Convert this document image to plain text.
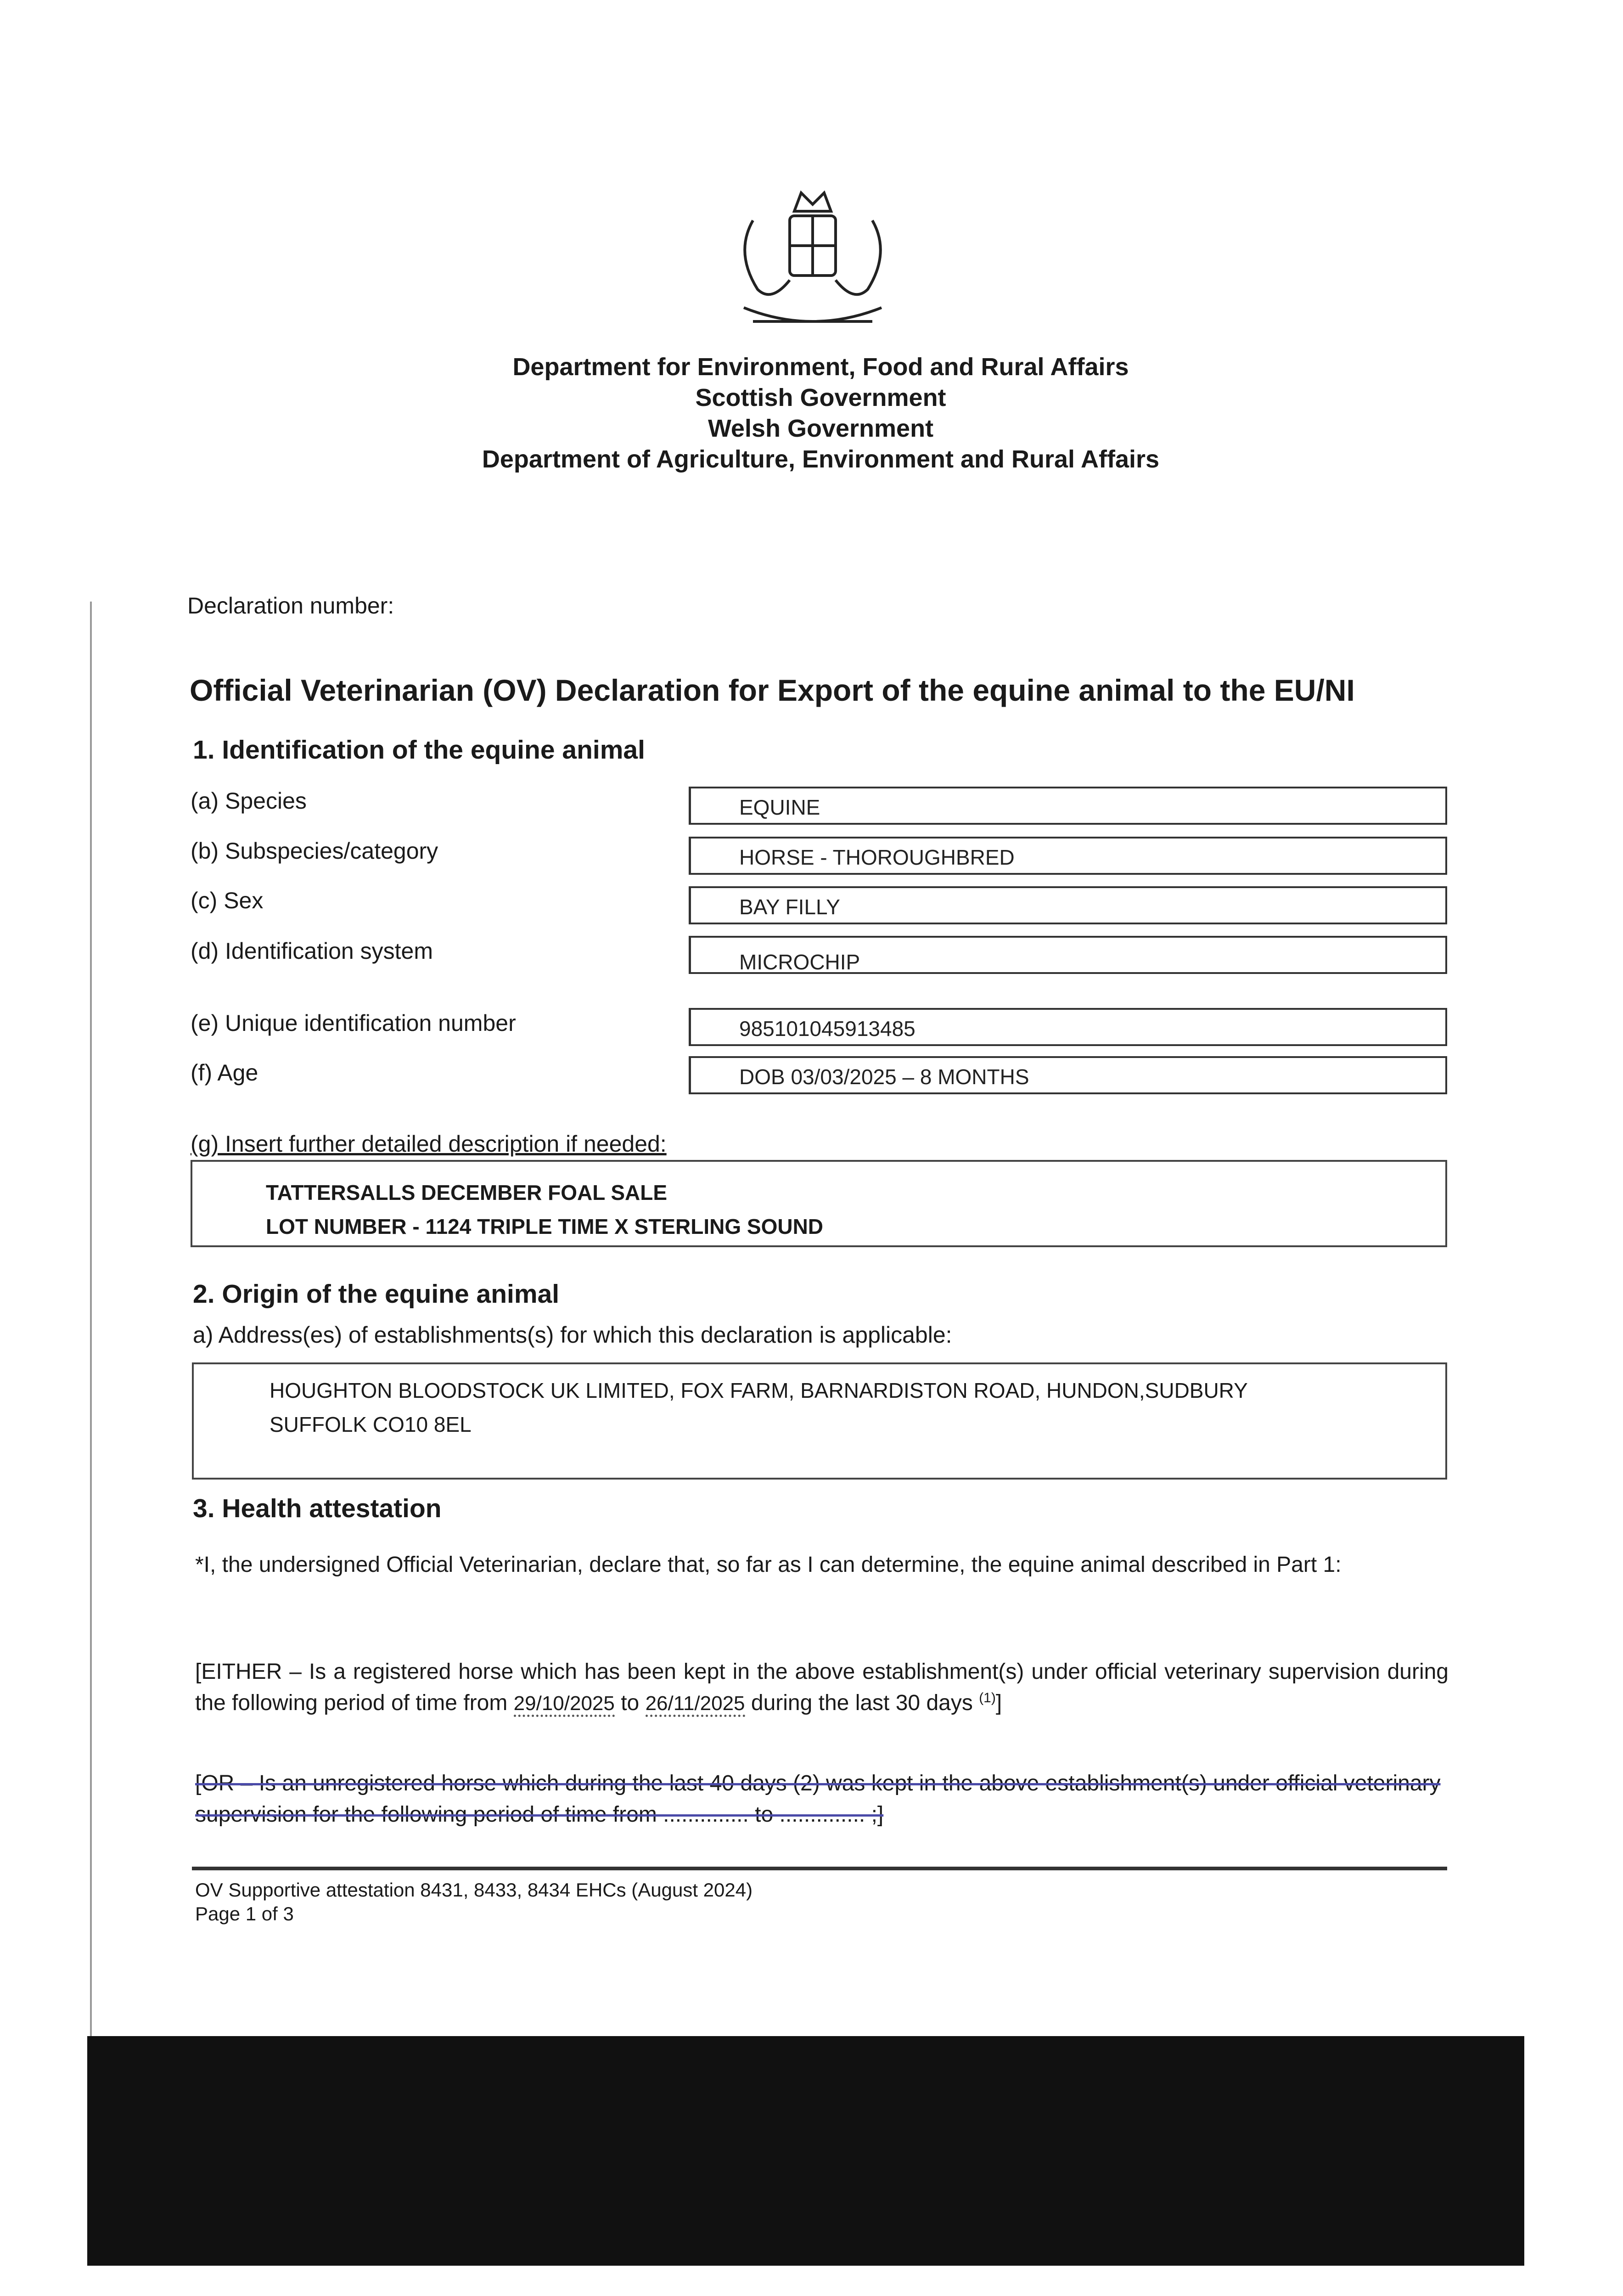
Department for Environment, Food and Rural Affairs
Scottish Government
Welsh Government
Department of Agriculture, Environment and Rural Affairs
Declaration number:
Official Veterinarian (OV) Declaration for Export of the equine animal to the EU/NI
1. Identification of the equine animal
(a) Species	EQUINE
(b) Subspecies/category	HORSE - THOROUGHBRED
(c) Sex	BAY FILLY
(d) Identification system	MICROCHIP
(e) Unique identification number	985101045913485
(f) Age	DOB 03/03/2025 – 8 MONTHS
(g) Insert further detailed description if needed:
TATTERSALLS DECEMBER FOAL SALE
LOT NUMBER - 1124 TRIPLE TIME X STERLING SOUND
2. Origin of the equine animal
a) Address(es) of establishments(s) for which this declaration is applicable:
HOUGHTON BLOODSTOCK UK LIMITED, FOX FARM, BARNARDISTON ROAD, HUNDON,SUDBURY
SUFFOLK CO10 8EL
3. Health attestation
*I, the undersigned Official Veterinarian, declare that, so far as I can determine, the equine animal described in Part 1:
[EITHER – Is a registered horse which has been kept in the above establishment(s) under official veterinary supervision during the following period of time from 29/10/2025 to 26/11/2025 during the last 30 days $^{(1)}$]
[OR – Is an unregistered horse which during the last 40 days (2) was kept in the above establishment(s) under official veterinary supervision for the following period of time from .............. to .............. ;]
OV Supportive attestation 8431, 8433, 8434 EHCs (August 2024)
Page 1 of 3
